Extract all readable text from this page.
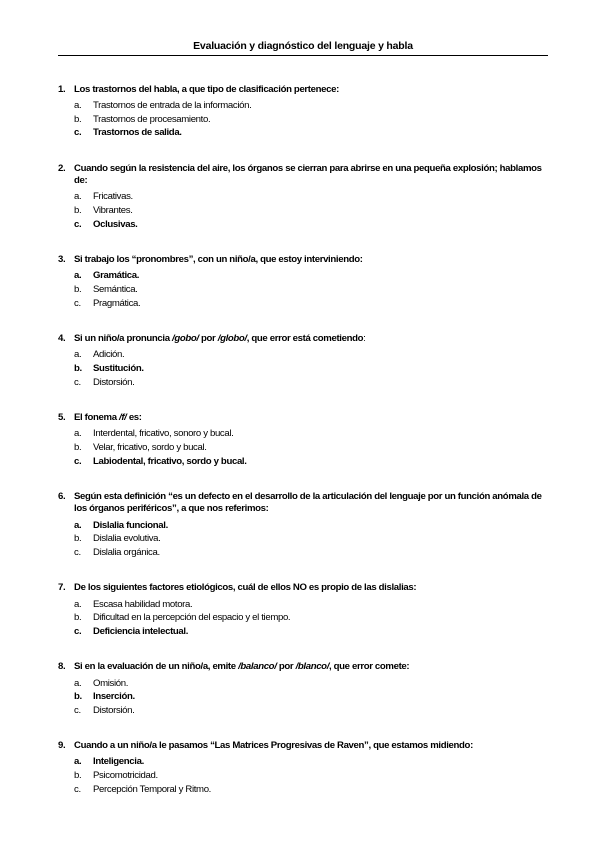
Evaluación y diagnóstico del lenguaje y habla
1. Los trastornos del habla, a que tipo de clasificación pertenece:
a.	Trastornos de entrada de la información.
b.	Trastornos de procesamiento.
c.	Trastornos de salida.
2. Cuando según la resistencia del aire, los órganos se cierran para abrirse en una pequeña explosión; hablamos de:
a.	Fricativas.
b.	Vibrantes.
c.	Oclusivas.
3. Si trabajo los “pronombres”, con un niño/a, que estoy interviniendo:
a.	Gramática.
b.	Semántica.
c.	Pragmática.
4. Si un niño/a pronuncia /gobo/ por /globo/, que error está cometiendo:
a.	Adición.
b.	Sustitución.
c.	Distorsión.
5. El fonema /f/ es:
a.	Interdental, fricativo, sonoro y bucal.
b.	Velar, fricativo, sordo y bucal.
c.	Labiodental, fricativo, sordo y bucal.
6. Según esta definición “es un defecto en el desarrollo de la articulación del lenguaje por un función anómala de los órganos periféricos”, a que nos referimos:
a.	Dislalia funcional.
b.	Dislalia evolutiva.
c.	Dislalia orgánica.
7. De los siguientes factores etiológicos, cuál de ellos NO es propio de las dislalias:
a.	Escasa habilidad motora.
b.	Dificultad en la percepción del espacio y el tiempo.
c.	Deficiencia intelectual.
8. Si en la evaluación de un niño/a, emite /balanco/ por /blanco/, que error comete:
a.	Omisión.
b.	Inserción.
c.	Distorsión.
9. Cuando a un niño/a le pasamos “Las Matrices Progresivas de Raven”, que estamos midiendo:
a.	Inteligencia.
b.	Psicomotricidad.
c.	Percepción Temporal y Ritmo.
